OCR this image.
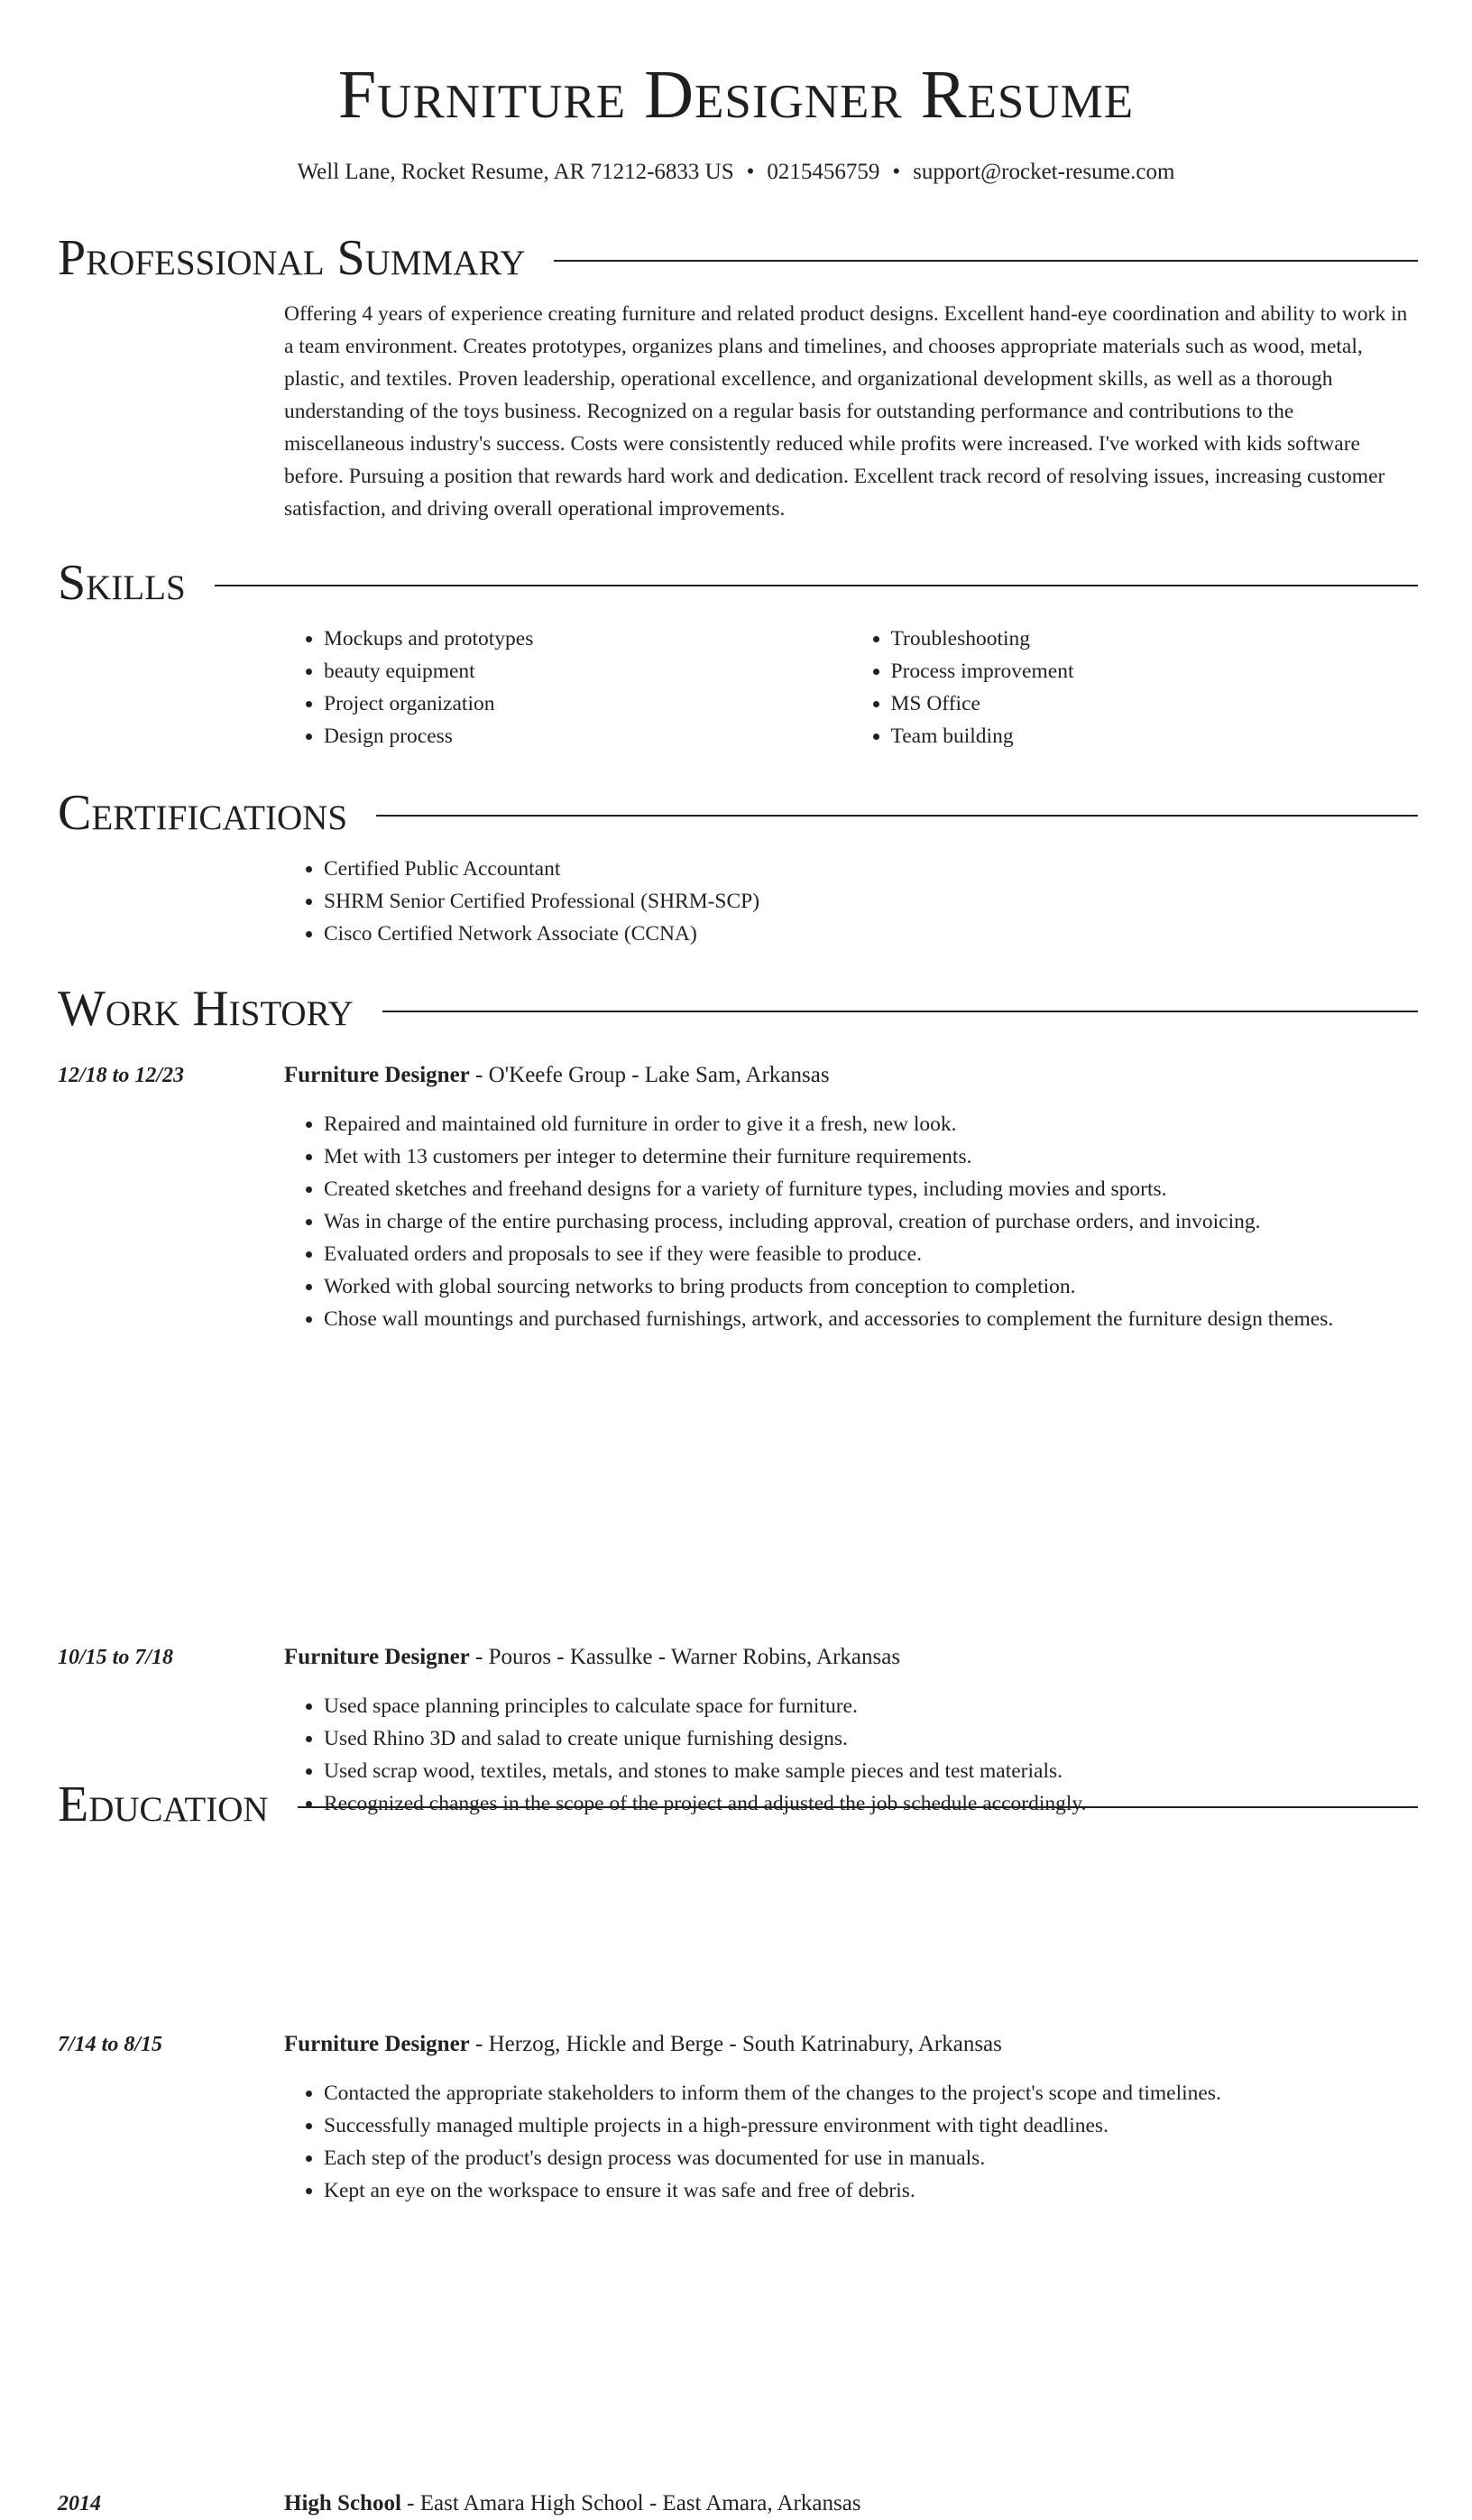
Furniture Designer Resume
Well Lane, Rocket Resume, AR 71212-6833 US • 0215456759 • support@rocket-resume.com
Professional Summary
Offering 4 years of experience creating furniture and related product designs. Excellent hand-eye coordination and ability to work in a team environment. Creates prototypes, organizes plans and timelines, and chooses appropriate materials such as wood, metal, plastic, and textiles. Proven leadership, operational excellence, and organizational development skills, as well as a thorough understanding of the toys business. Recognized on a regular basis for outstanding performance and contributions to the miscellaneous industry's success. Costs were consistently reduced while profits were increased. I've worked with kids software before. Pursuing a position that rewards hard work and dedication. Excellent track record of resolving issues, increasing customer satisfaction, and driving overall operational improvements.
Skills
• Mockups and prototypes
• beauty equipment
• Project organization
• Design process
• Troubleshooting
• Process improvement
• MS Office
• Team building
Certifications
• Certified Public Accountant
• SHRM Senior Certified Professional (SHRM-SCP)
• Cisco Certified Network Associate (CCNA)
Work History
12/18 to 12/23	Furniture Designer - O'Keefe Group - Lake Sam, Arkansas
• Repaired and maintained old furniture in order to give it a fresh, new look.
• Met with 13 customers per integer to determine their furniture requirements.
• Created sketches and freehand designs for a variety of furniture types, including movies and sports.
• Was in charge of the entire purchasing process, including approval, creation of purchase orders, and invoicing.
• Evaluated orders and proposals to see if they were feasible to produce.
• Worked with global sourcing networks to bring products from conception to completion.
• Chose wall mountings and purchased furnishings, artwork, and accessories to complement the furniture design themes.
10/15 to 7/18	Furniture Designer - Pouros - Kassulke - Warner Robins, Arkansas
• Used space planning principles to calculate space for furniture.
• Used Rhino 3D and salad to create unique furnishing designs.
• Used scrap wood, textiles, metals, and stones to make sample pieces and test materials.
• Recognized changes in the scope of the project and adjusted the job schedule accordingly.
7/14 to 8/15	Furniture Designer - Herzog, Hickle and Berge - South Katrinabury, Arkansas
• Contacted the appropriate stakeholders to inform them of the changes to the project's scope and timelines.
• Successfully managed multiple projects in a high-pressure environment with tight deadlines.
• Each step of the product's design process was documented for use in manuals.
• Kept an eye on the workspace to ensure it was safe and free of debris.
Education
2014	High School - East Amara High School - East Amara, Arkansas
